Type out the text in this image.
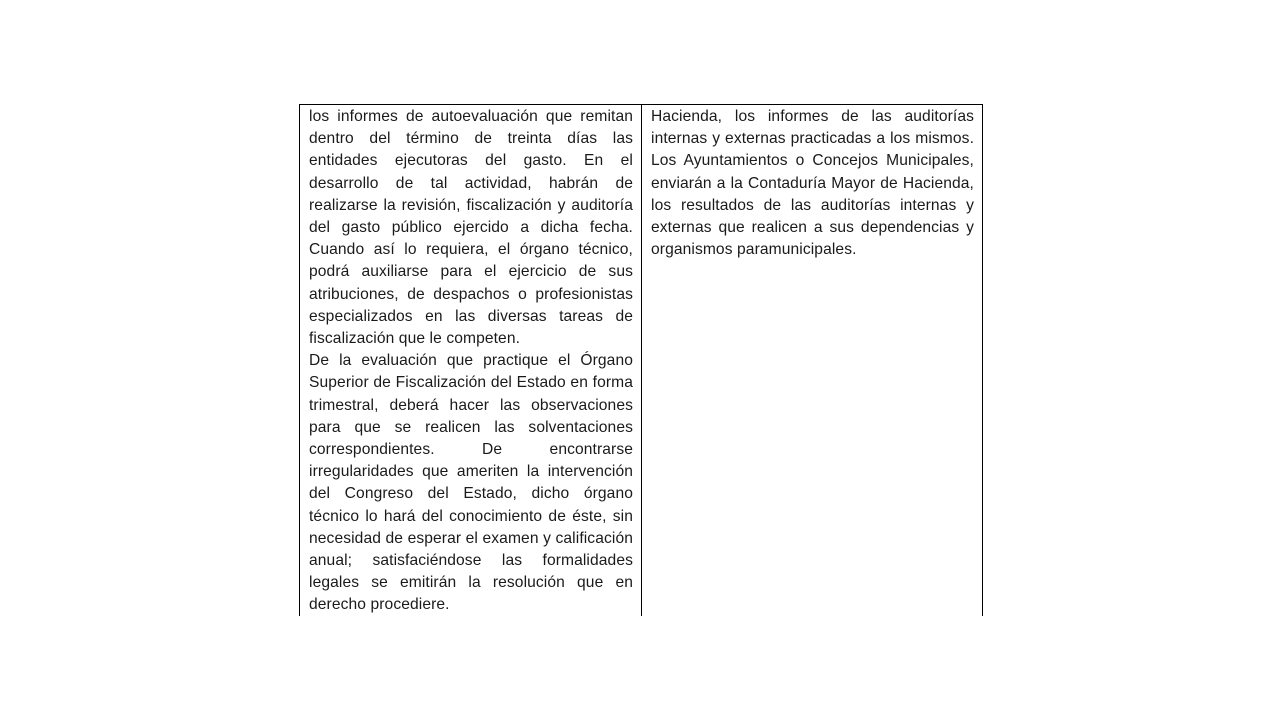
los informes de autoevaluación que remitan dentro del término de treinta días las entidades ejecutoras del gasto. En el desarrollo de tal actividad, habrán de realizarse la revisión, fiscalización y auditoría del gasto público ejercido a dicha fecha. Cuando así lo requiera, el órgano técnico, podrá auxiliarse para el ejercicio de sus atribuciones, de despachos o profesionistas especializados en las diversas tareas de fiscalización que le competen.

De la evaluación que practique el Órgano Superior de Fiscalización del Estado en forma trimestral, deberá hacer las observaciones para que se realicen las solventaciones correspondientes. De encontrarse irregularidades que ameriten la intervención del Congreso del Estado, dicho órgano técnico lo hará del conocimiento de éste, sin necesidad de esperar el examen y calificación anual; satisfaciéndose las formalidades legales se emitirán la resolución que en derecho procediere.

Hacienda, los informes de las auditorías internas y externas practicadas a los mismos. Los Ayuntamientos o Concejos Municipales, enviarán a la Contaduría Mayor de Hacienda, los resultados de las auditorías internas y externas que realicen a sus dependencias y organismos paramunicipales.
